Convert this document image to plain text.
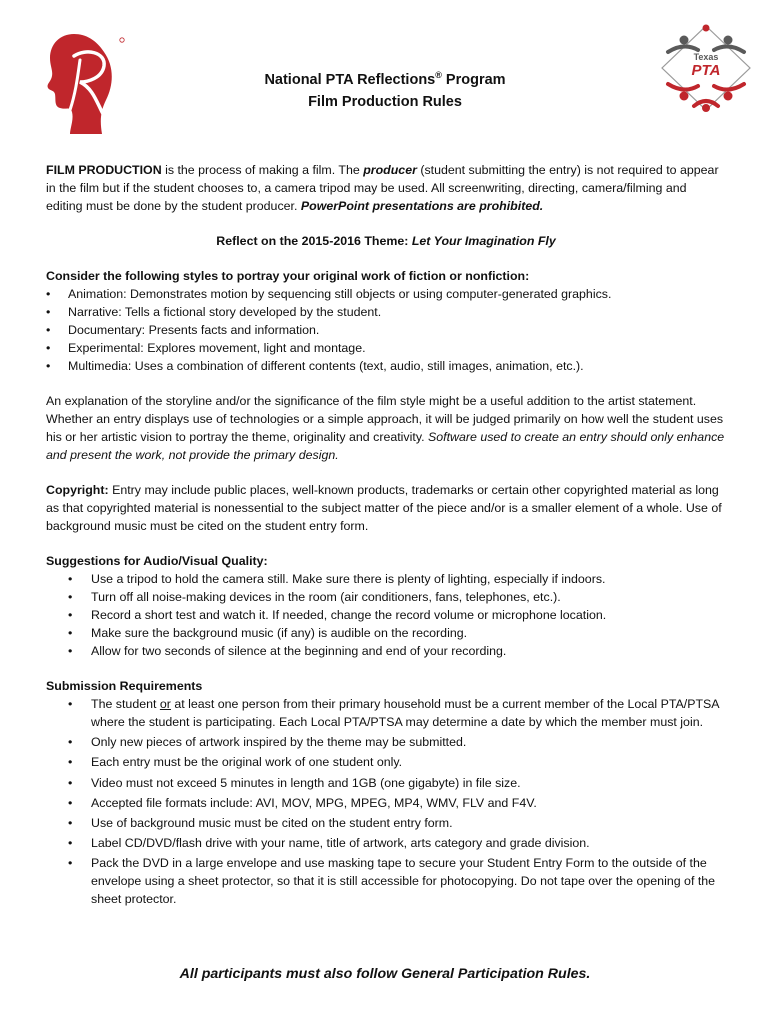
Texas
PTA
National PTA Reflections® Program
Film Production Rules

FILM PRODUCTION is the process of making a film. The producer (student submitting the entry) is not required to appear in the film but if the student chooses to, a camera tripod may be used. All screenwriting, directing, camera/filming and editing must be done by the student producer. PowerPoint presentations are prohibited.

Reflect on the 2015-2016 Theme: Let Your Imagination Fly

Consider the following styles to portray your original work of fiction or nonfiction:

• Animation: Demonstrates motion by sequencing still objects or using computer-generated graphics.
• Narrative: Tells a fictional story developed by the student.
• Documentary: Presents facts and information.
• Experimental: Explores movement, light and montage.
• Multimedia: Uses a combination of different contents (text, audio, still images, animation, etc.).

An explanation of the storyline and/or the significance of the film style might be a useful addition to the artist statement. Whether an entry displays use of technologies or a simple approach, it will be judged primarily on how well the student uses his or her artistic vision to portray the theme, originality and creativity. Software used to create an entry should only enhance and present the work, not provide the primary design.

Copyright: Entry may include public places, well-known products, trademarks or certain other copyrighted material as long as that copyrighted material is nonessential to the subject matter of the piece and/or is a smaller element of a whole. Use of background music must be cited on the student entry form.

Suggestions for Audio/Visual Quality:

• Use a tripod to hold the camera still. Make sure there is plenty of lighting, especially if indoors.
• Turn off all noise-making devices in the room (air conditioners, fans, telephones, etc.).
• Record a short test and watch it. If needed, change the record volume or microphone location.
• Make sure the background music (if any) is audible on the recording.
• Allow for two seconds of silence at the beginning and end of your recording.

Submission Requirements

• The student or at least one person from their primary household must be a current member of the Local PTA/PTSA where the student is participating. Each Local PTA/PTSA may determine a date by which the member must join.
• Only new pieces of artwork inspired by the theme may be submitted.
• Each entry must be the original work of one student only.
• Video must not exceed 5 minutes in length and 1GB (one gigabyte) in file size.
• Accepted file formats include: AVI, MOV, MPG, MPEG, MP4, WMV, FLV and F4V.
• Use of background music must be cited on the student entry form.
• Label CD/DVD/flash drive with your name, title of artwork, arts category and grade division.
• Pack the DVD in a large envelope and use masking tape to secure your Student Entry Form to the outside of the envelope using a sheet protector, so that it is still accessible for photocopying. Do not tape over the opening of the sheet protector.
All participants must also follow General Participation Rules.
